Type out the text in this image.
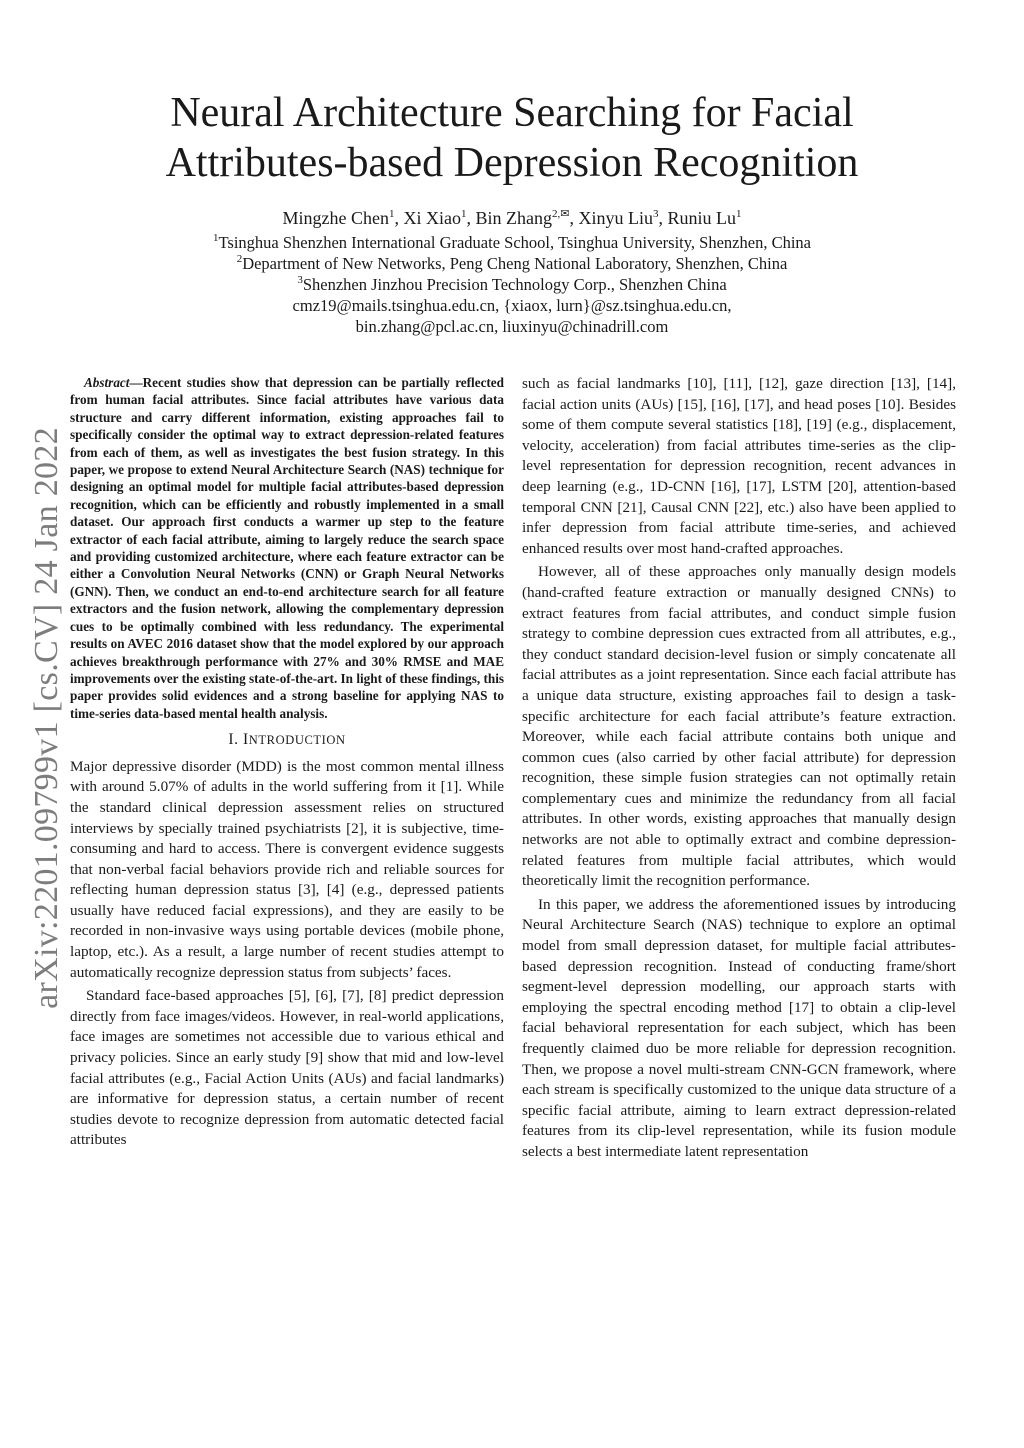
arXiv:2201.09799v1 [cs.CV] 24 Jan 2022
Neural Architecture Searching for Facial
Attributes-based Depression Recognition
Mingzhe Chen$^1$, Xi Xiao$^1$, Bin Zhang$^{2,✉}$, Xinyu Liu$^3$, Runiu Lu$^1$
$^1$Tsinghua Shenzhen International Graduate School, Tsinghua University, Shenzhen, China
$^2$Department of New Networks, Peng Cheng National Laboratory, Shenzhen, China
$^3$Shenzhen Jinzhou Precision Technology Corp., Shenzhen China
cmz19@mails.tsinghua.edu.cn, {xiaox, lurn}@sz.tsinghua.edu.cn,
bin.zhang@pcl.ac.cn, liuxinyu@chinadrill.com

Abstract—Recent studies show that depression can be partially reflected from human facial attributes. Since facial attributes have various data structure and carry different information, existing approaches fail to specifically consider the optimal way to extract depression-related features from each of them, as well as investigates the best fusion strategy. In this paper, we propose to extend Neural Architecture Search (NAS) technique for designing an optimal model for multiple facial attributes-based depression recognition, which can be efficiently and robustly implemented in a small dataset. Our approach first conducts a warmer up step to the feature extractor of each facial attribute, aiming to largely reduce the search space and providing customized architecture, where each feature extractor can be either a Convolution Neural Networks (CNN) or Graph Neural Networks (GNN). Then, we conduct an end-to-end architecture search for all feature extractors and the fusion network, allowing the complementary depression cues to be optimally combined with less redundancy. The experimental results on AVEC 2016 dataset show that the model explored by our approach achieves breakthrough performance with 27% and 30% RMSE and MAE improvements over the existing state-of-the-art. In light of these findings, this paper provides solid evidences and a strong baseline for applying NAS to time-series data-based mental health analysis.

I. INTRODUCTION

Major depressive disorder (MDD) is the most common mental illness with around 5.07% of adults in the world suffering from it [1]. While the standard clinical depression assessment relies on structured interviews by specially trained psychiatrists [2], it is subjective, time-consuming and hard to access. There is convergent evidence suggests that non-verbal facial behaviors provide rich and reliable sources for reflecting human depression status [3], [4] (e.g., depressed patients usually have reduced facial expressions), and they are easily to be recorded in non-invasive ways using portable devices (mobile phone, laptop, etc.). As a result, a large number of recent studies attempt to automatically recognize depression status from subjects’ faces.

Standard face-based approaches [5], [6], [7], [8] predict depression directly from face images/videos. However, in real-world applications, face images are sometimes not accessible due to various ethical and privacy policies. Since an early study [9] show that mid and low-level facial attributes (e.g., Facial Action Units (AUs) and facial landmarks) are informative for depression status, a certain number of recent studies devote to recognize depression from automatic detected facial attributes

such as facial landmarks [10], [11], [12], gaze direction [13], [14], facial action units (AUs) [15], [16], [17], and head poses [10]. Besides some of them compute several statistics [18], [19] (e.g., displacement, velocity, acceleration) from facial attributes time-series as the clip-level representation for depression recognition, recent advances in deep learning (e.g., 1D-CNN [16], [17], LSTM [20], attention-based temporal CNN [21], Causal CNN [22], etc.) also have been applied to infer depression from facial attribute time-series, and achieved enhanced results over most hand-crafted approaches.

However, all of these approaches only manually design models (hand-crafted feature extraction or manually designed CNNs) to extract features from facial attributes, and conduct simple fusion strategy to combine depression cues extracted from all attributes, e.g., they conduct standard decision-level fusion or simply concatenate all facial attributes as a joint representation. Since each facial attribute has a unique data structure, existing approaches fail to design a task-specific architecture for each facial attribute’s feature extraction. Moreover, while each facial attribute contains both unique and common cues (also carried by other facial attribute) for depression recognition, these simple fusion strategies can not optimally retain complementary cues and minimize the redundancy from all facial attributes. In other words, existing approaches that manually design networks are not able to optimally extract and combine depression-related features from multiple facial attributes, which would theoretically limit the recognition performance.

In this paper, we address the aforementioned issues by introducing Neural Architecture Search (NAS) technique to explore an optimal model from small depression dataset, for multiple facial attributes-based depression recognition. Instead of conducting frame/short segment-level depression modelling, our approach starts with employing the spectral encoding method [17] to obtain a clip-level facial behavioral representation for each subject, which has been frequently claimed duo be more reliable for depression recognition. Then, we propose a novel multi-stream CNN-GCN framework, where each stream is specifically customized to the unique data structure of a specific facial attribute, aiming to learn extract depression-related features from its clip-level representation, while its fusion module selects a best intermediate latent representation
